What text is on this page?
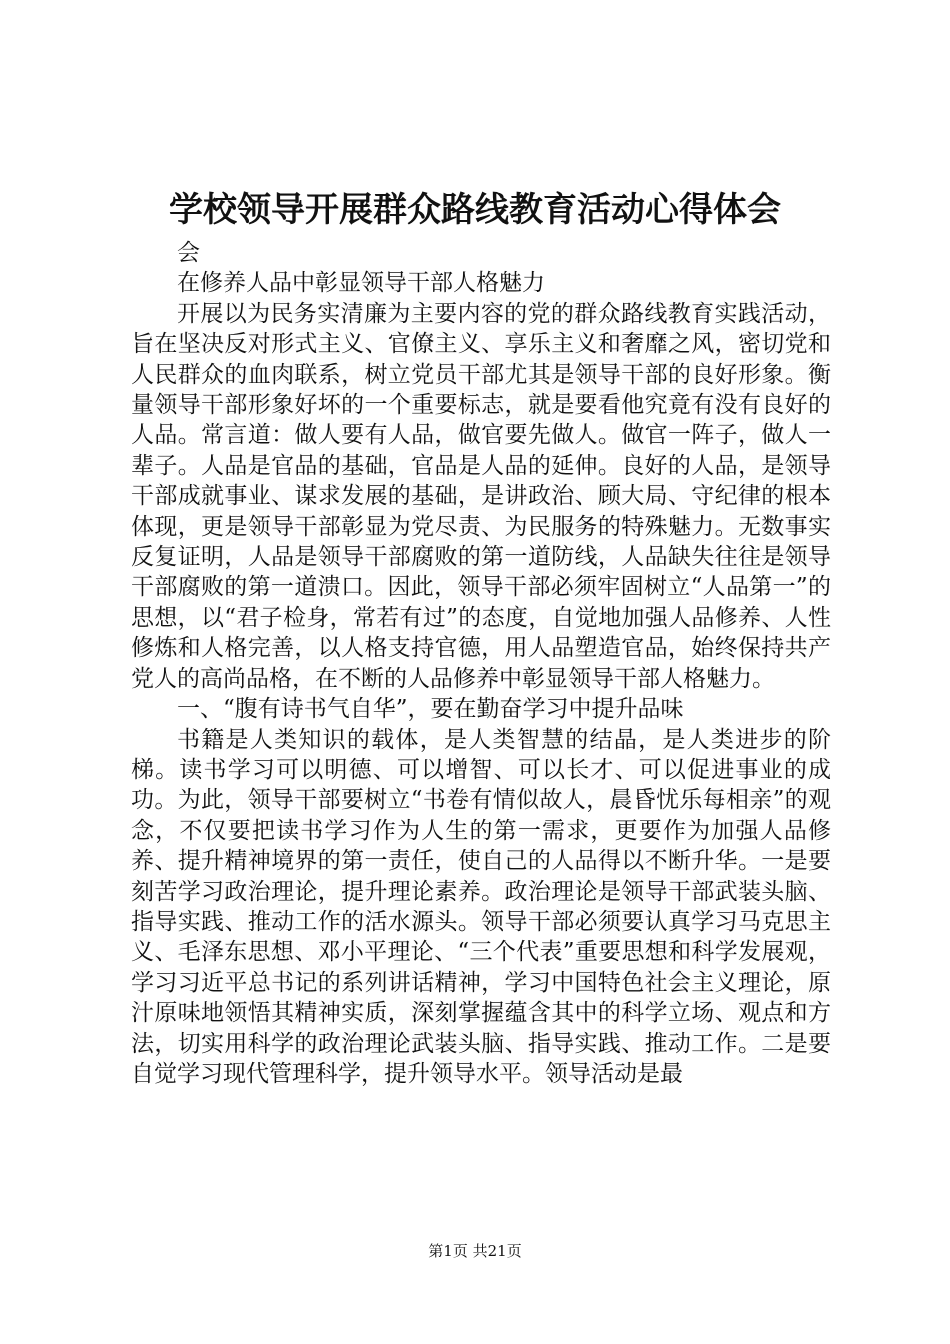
学校领导开展群众路线教育活动心得体会

会

在修养人品中彰显领导干部人格魅力

开展以为民务实清廉为主要内容的党的群众路线教育实践活动，旨在坚决反对形式主义、官僚主义、享乐主义和奢靡之风，密切党和人民群众的血肉联系，树立党员干部尤其是领导干部的良好形象。衡量领导干部形象好坏的一个重要标志，就是要看他究竟有没有良好的人品。常言道：做人要有人品，做官要先做人。做官一阵子，做人一辈子。人品是官品的基础，官品是人品的延伸。良好的人品，是领导干部成就事业、谋求发展的基础，是讲政治、顾大局、守纪律的根本体现，更是领导干部彰显为党尽责、为民服务的特殊魅力。无数事实反复证明，人品是领导干部腐败的第一道防线，人品缺失往往是领导干部腐败的第一道溃口。因此，领导干部必须牢固树立“人品第一”的思想，以“君子检身，常若有过”的态度，自觉地加强人品修养、人性修炼和人格完善，以人格支持官德，用人品塑造官品，始终保持共产党人的高尚品格，在不断的人品修养中彰显领导干部人格魅力。

一、“腹有诗书气自华”，要在勤奋学习中提升品味

书籍是人类知识的载体，是人类智慧的结晶，是人类进步的阶梯。读书学习可以明德、可以增智、可以长才、可以促进事业的成功。为此，领导干部要树立“书卷有情似故人，晨昏忧乐每相亲”的观念，不仅要把读书学习作为人生的第一需求，更要作为加强人品修养、提升精神境界的第一责任，使自己的人品得以不断升华。一是要刻苦学习政治理论，提升理论素养。政治理论是领导干部武装头脑、指导实践、推动工作的活水源头。领导干部必须要认真学习马克思主义、毛泽东思想、邓小平理论、“三个代表”重要思想和科学发展观，学习习近平总书记的系列讲话精神，学习中国特色社会主义理论，原汁原味地领悟其精神实质，深刻掌握蕴含其中的科学立场、观点和方法，切实用科学的政治理论武装头脑、指导实践、推动工作。二是要自觉学习现代管理科学，提升领导水平。领导活动是最

第1页 共21页
